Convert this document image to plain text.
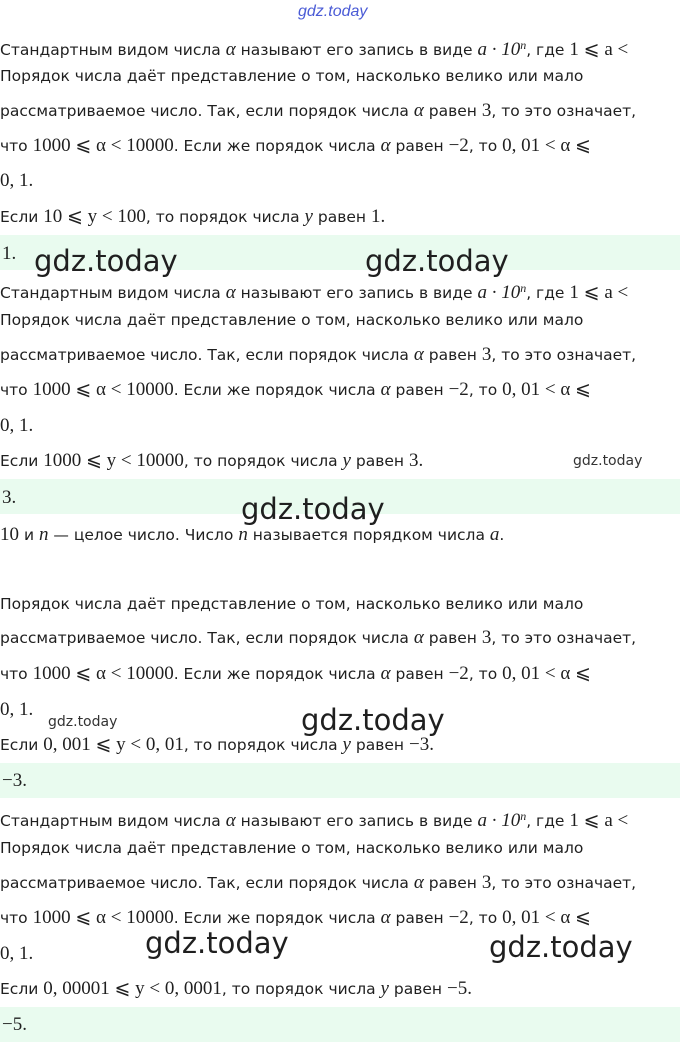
gdz.today
Стандартным видом числа α называют его запись в виде $a \cdot 10^n$, где 1 ⩽ a <
Порядок числа даёт представление о том, насколько велико или мало
рассматриваемое число. Так, если порядок числа α равен 3, то это означает,
что 1000 ⩽ α < 10000. Если же порядок числа α равен −2, то 0, 01 < α ⩽
0, 1.
Если 10 ⩽ y < 100, то порядок числа y равен 1.
1. gdz.today	gdz.today
Стандартным видом числа α называют его запись в виде $a \cdot 10^n$, где 1 ⩽ a <
Порядок числа даёт представление о том, насколько велико или мало
рассматриваемое число. Так, если порядок числа α равен 3, то это означает,
что 1000 ⩽ α < 10000. Если же порядок числа α равен −2, то 0, 01 < α ⩽
0, 1.
Если 1000 ⩽ y < 10000, то порядок числа y равен 3.	gdz.today
3.	gdz.today
10 и n — целое число. Число n называется порядком числа a.
Порядок числа даёт представление о том, насколько велико или мало
рассматриваемое число. Так, если порядок числа α равен 3, то это означает,
что 1000 ⩽ α < 10000. Если же порядок числа α равен −2, то 0, 01 < α ⩽
0, 1.
gdz.today	gdz.today
Если 0, 001 ⩽ y < 0, 01, то порядок числа y равен −3.
−3.
Стандартным видом числа α называют его запись в виде $a \cdot 10^n$, где 1 ⩽ a <
Порядок числа даёт представление о том, насколько велико или мало
рассматриваемое число. Так, если порядок числа α равен 3, то это означает,
что 1000 ⩽ α < 10000. Если же порядок числа α равен −2, то 0, 01 < α ⩽
0, 1.	gdz.today	gdz.today
Если 0, 00001 ⩽ y < 0, 0001, то порядок числа y равен −5.
−5.
